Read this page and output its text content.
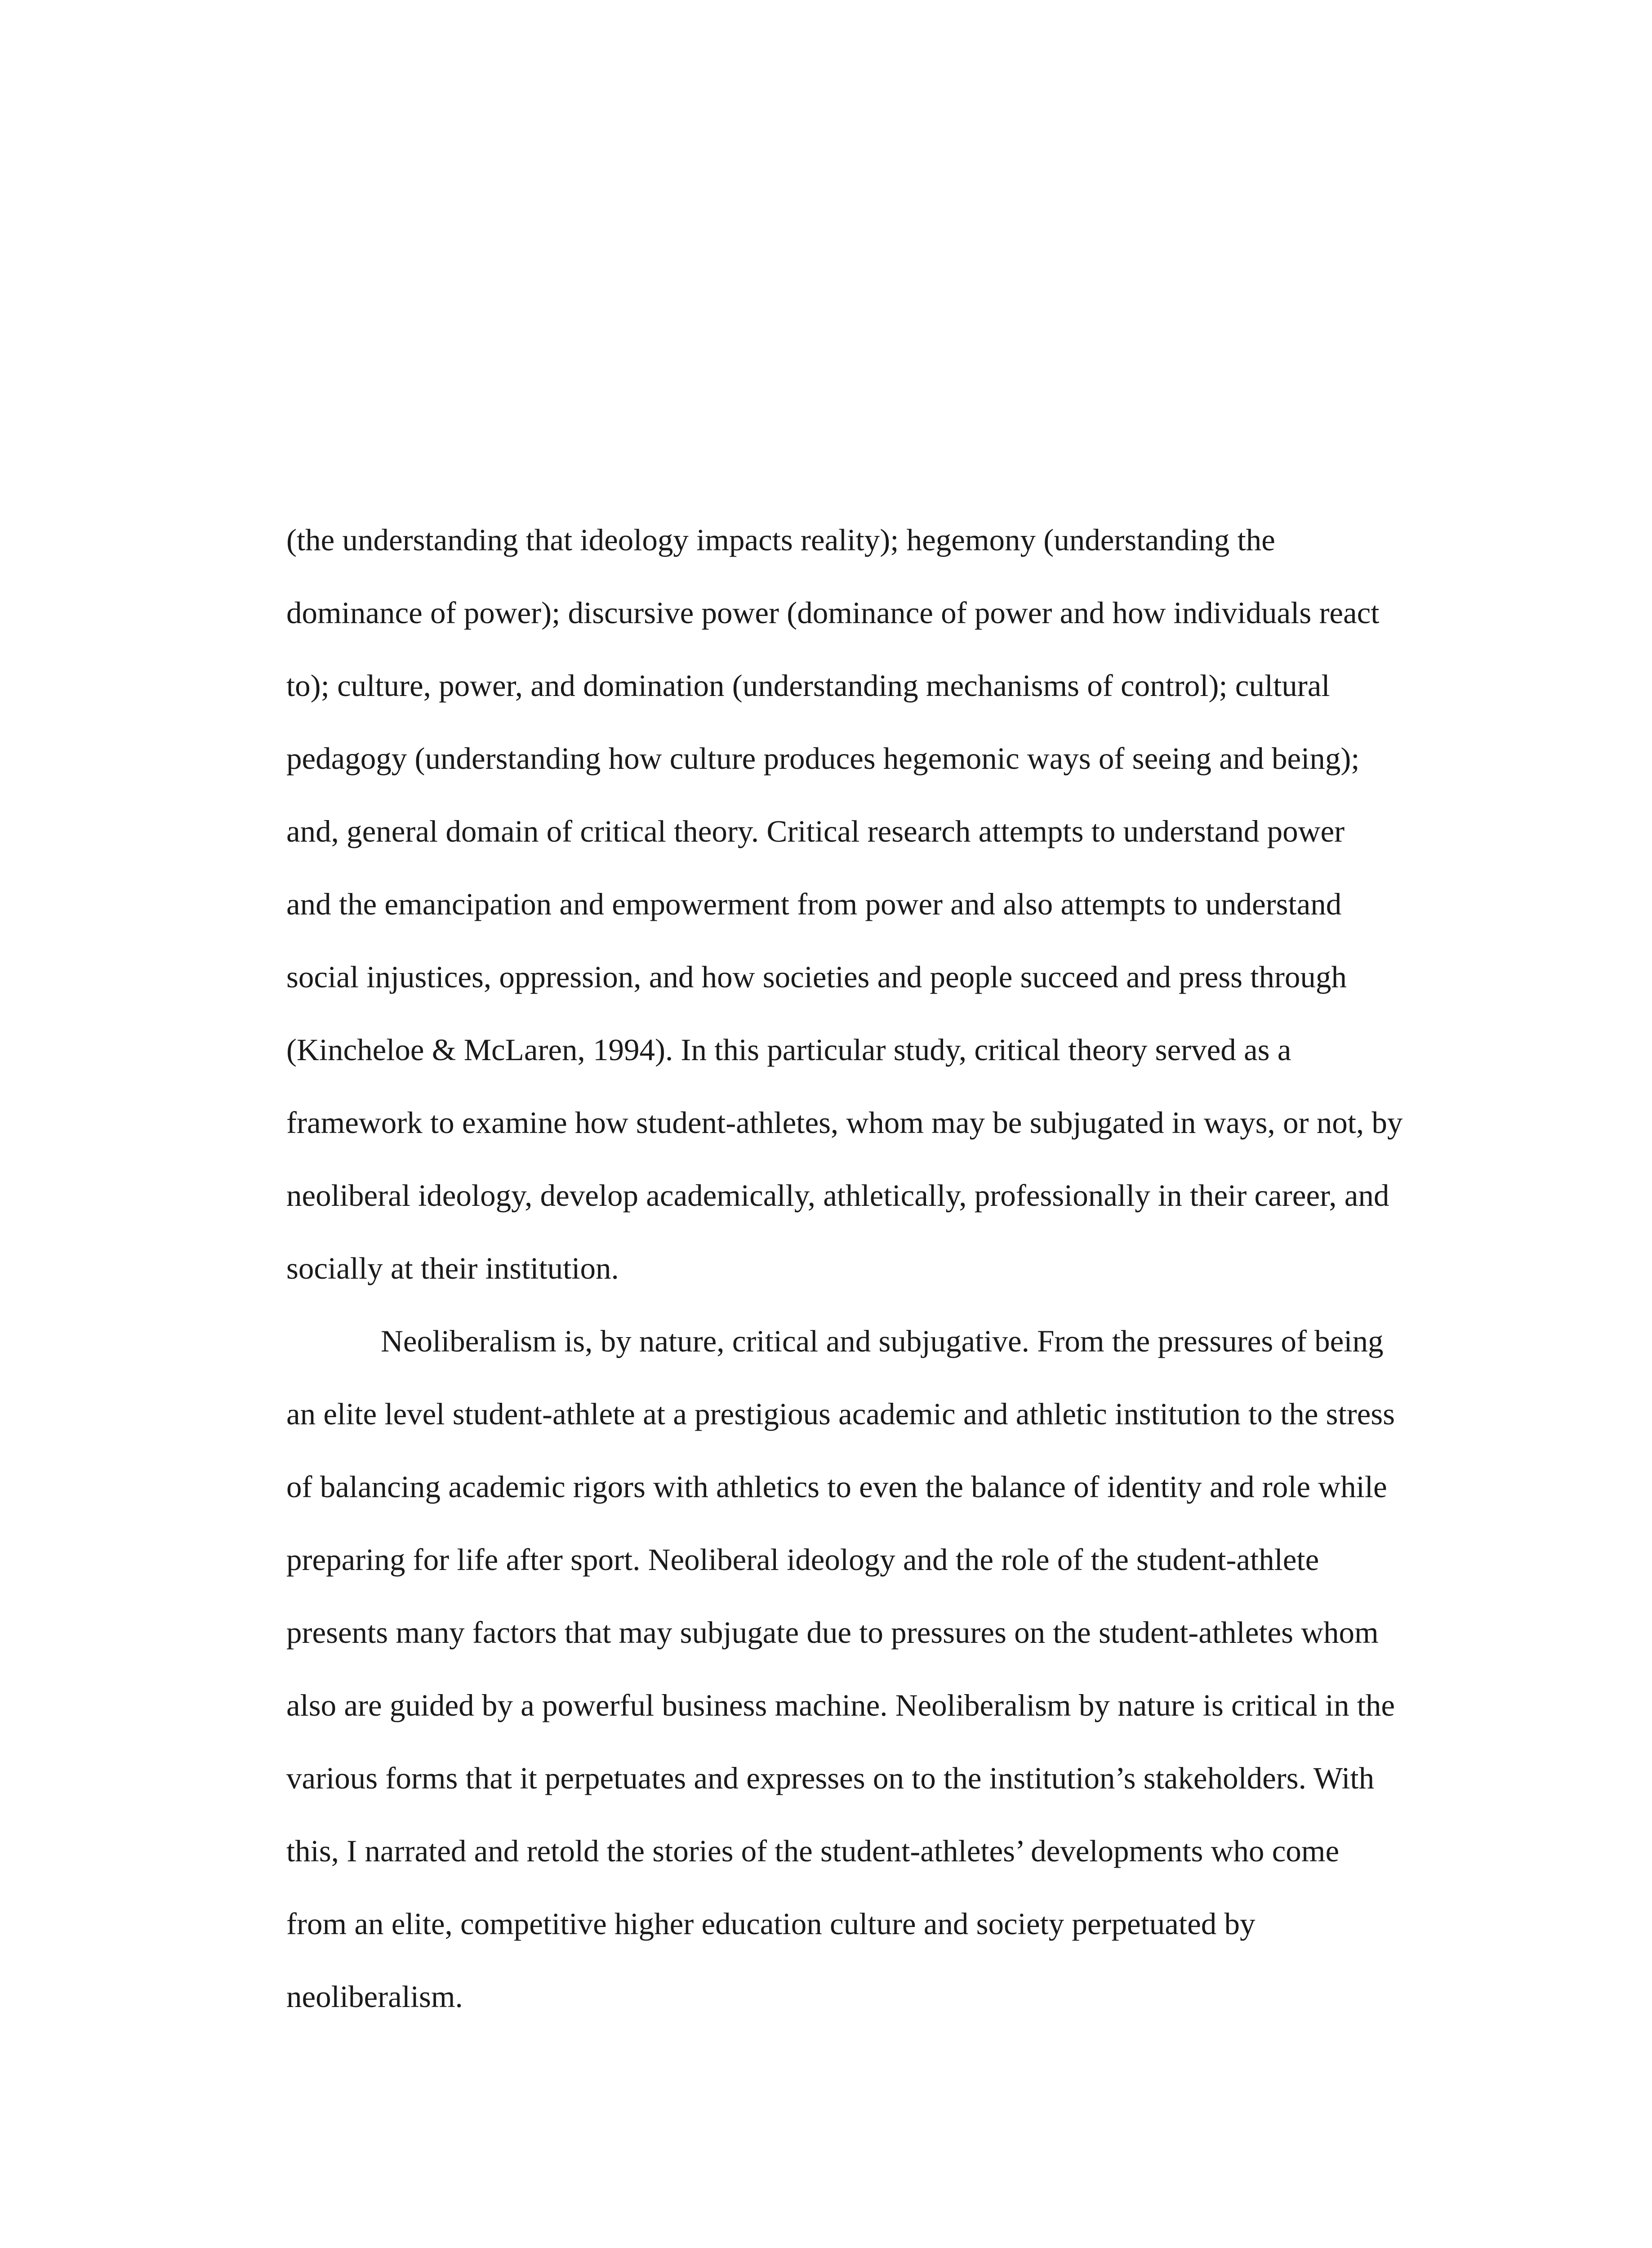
(the understanding that ideology impacts reality); hegemony (understanding the
dominance of power); discursive power (dominance of power and how individuals react
to); culture, power, and domination (understanding mechanisms of control); cultural
pedagogy (understanding how culture produces hegemonic ways of seeing and being);
and, general domain of critical theory. Critical research attempts to understand power
and the emancipation and empowerment from power and also attempts to understand
social injustices, oppression, and how societies and people succeed and press through
(Kincheloe & McLaren, 1994). In this particular study, critical theory served as a
framework to examine how student-athletes, whom may be subjugated in ways, or not, by
neoliberal ideology, develop academically, athletically, professionally in their career, and
socially at their institution.
Neoliberalism is, by nature, critical and subjugative. From the pressures of being
an elite level student-athlete at a prestigious academic and athletic institution to the stress
of balancing academic rigors with athletics to even the balance of identity and role while
preparing for life after sport. Neoliberal ideology and the role of the student-athlete
presents many factors that may subjugate due to pressures on the student-athletes whom
also are guided by a powerful business machine. Neoliberalism by nature is critical in the
various forms that it perpetuates and expresses on to the institution’s stakeholders. With
this, I narrated and retold the stories of the student-athletes’ developments who come
from an elite, competitive higher education culture and society perpetuated by
neoliberalism.
